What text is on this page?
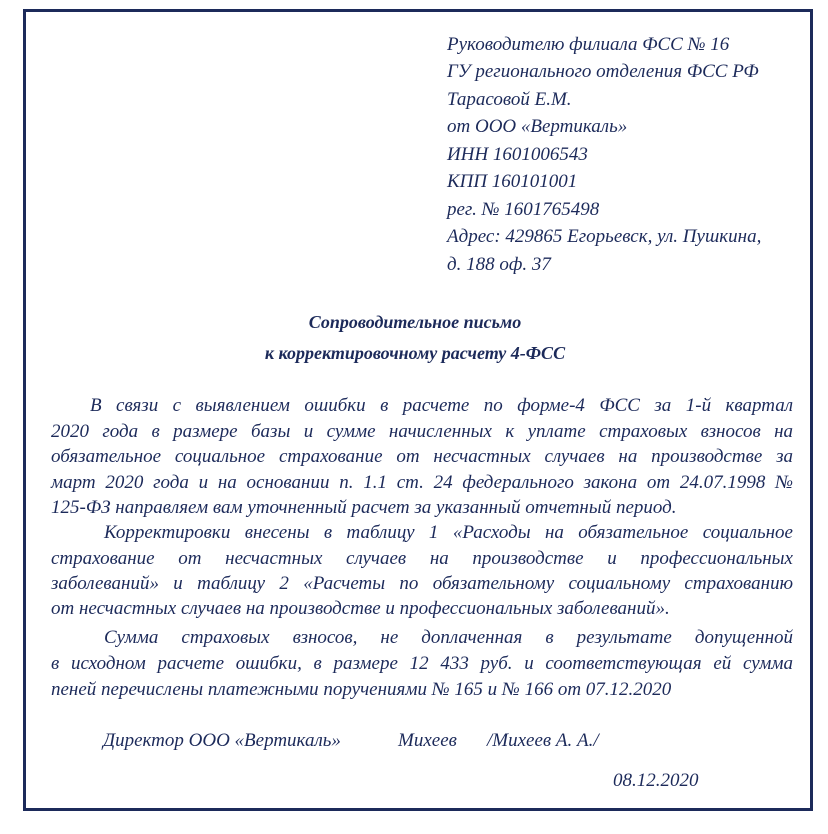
Руководителю филиала ФСС № 16
ГУ регионального отделения ФСС РФ
Тарасовой Е.М.
от ООО «Вертикаль»
ИНН 1601006543
КПП 160101001
рег. № 1601765498
Адрес: 429865 Егорьевск, ул. Пушкина,
д. 188 оф. 37
Сопроводительное письмо
к корректировочному расчету 4-ФСС
В связи с выявлением ошибки в расчете по форме-4 ФСС за 1-й квартал
2020 года в размере базы и сумме начисленных к уплате страховых взносов на
обязательное социальное страхование от несчастных случаев на производстве за
март 2020 года и на основании п. 1.1 ст. 24 федерального закона от 24.07.1998 №
125-ФЗ направляем вам уточненный расчет за указанный отчетный период.
Корректировки внесены в таблицу 1 «Расходы на обязательное социальное
страхование от несчастных случаев на производстве и профессиональных
заболеваний» и таблицу 2 «Расчеты по обязательному социальному страхованию
от несчастных случаев на производстве и профессиональных заболеваний».
Сумма страховых взносов, не доплаченная в результате допущенной
в исходном расчете ошибки, в размере 12 433 руб. и соответствующая ей сумма
пеней перечислены платежными поручениями № 165 и № 166 от 07.12.2020
Директор ООО «Вертикаль»	Михеев /Михеев А. А./
08.12.2020
